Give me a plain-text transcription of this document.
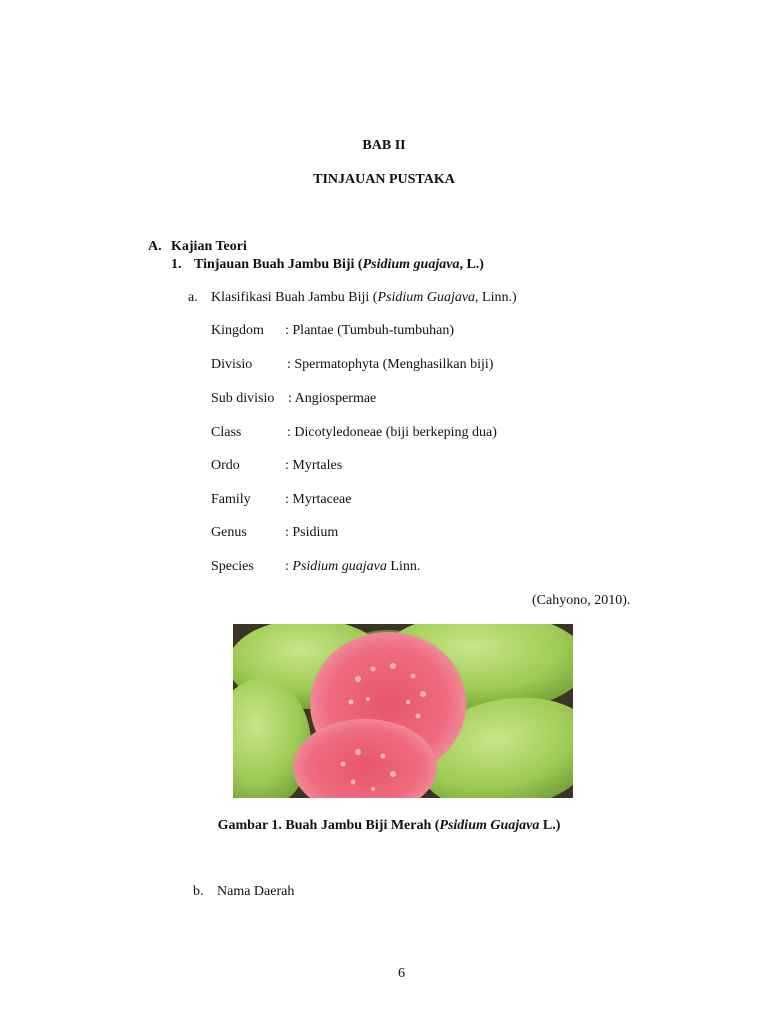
BAB II
TINJAUAN PUSTAKA
A. Kajian Teori
1. Tinjauan Buah Jambu Biji (Psidium guajava, L.)
a. Klasifikasi Buah Jambu Biji (Psidium Guajava, Linn.)
Kingdom : Plantae (Tumbuh-tumbuhan)
Divisio : Spermatophyta (Menghasilkan biji)
Sub divisio : Angiospermae
Class	: Dicotyledoneae (biji berkeping dua)
Ordo	: Myrtales
Family : Myrtaceae
Genus	: Psidium
Species : Psidium guajava Linn.
(Cahyono, 2010).
Gambar 1. Buah Jambu Biji Merah (Psidium Guajava L.)
b. Nama Daerah
6
